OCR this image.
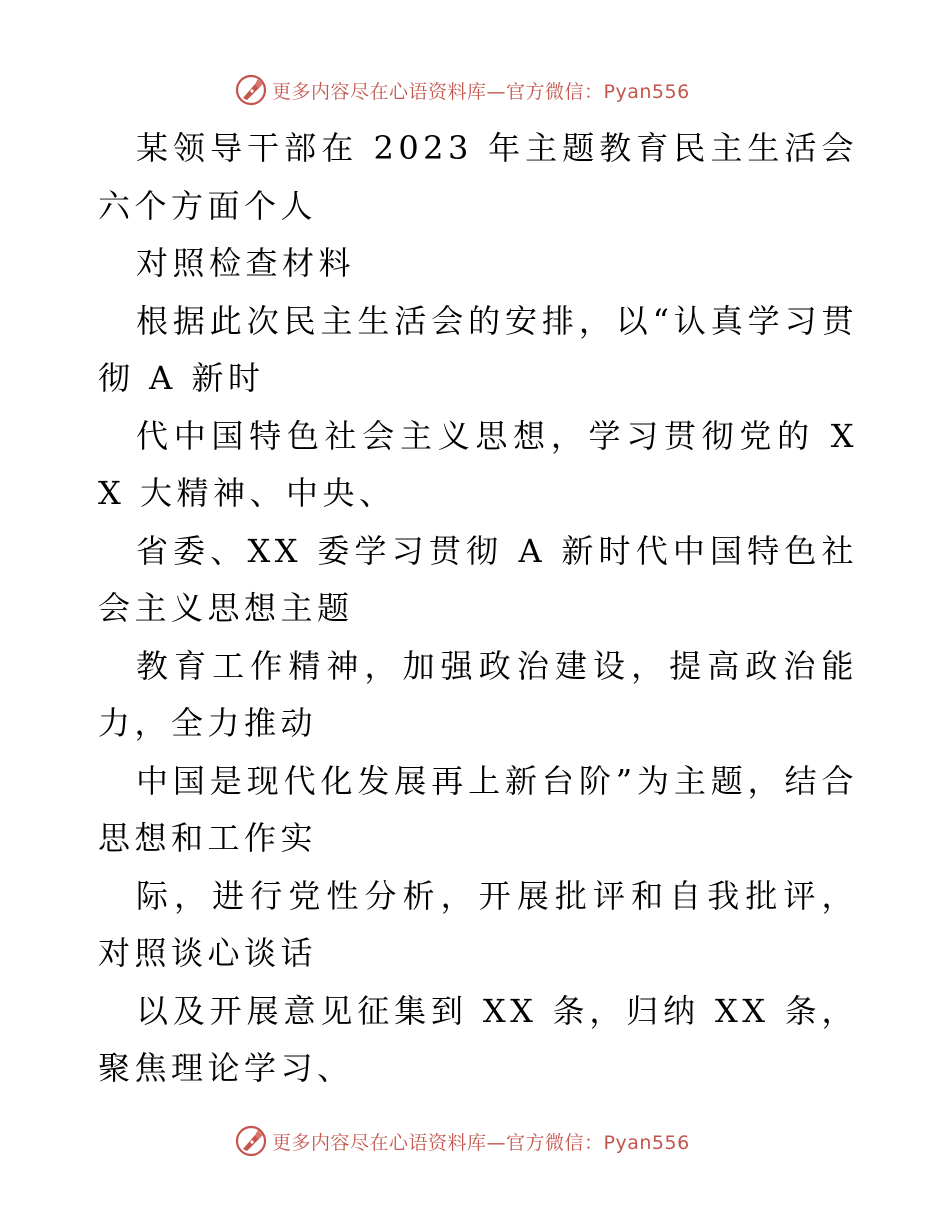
更多内容尽在心语资料库—官方微信：Pyan556

某领导干部在 2023 年主题教育民主生活会六个方面个人

对照检查材料

根据此次民主生活会的安排，以“认真学习贯彻 A 新时

代中国特色社会主义思想，学习贯彻党的 XX 大精神、中央、

省委、XX 委学习贯彻 A 新时代中国特色社会主义思想主题

教育工作精神，加强政治建设，提高政治能力，全力推动

中国是现代化发展再上新台阶”为主题，结合思想和工作实

际，进行党性分析，开展批评和自我批评，对照谈心谈话

以及开展意见征集到 XX 条，归纳 XX 条，聚焦理论学习、

更多内容尽在心语资料库—官方微信：Pyan556
